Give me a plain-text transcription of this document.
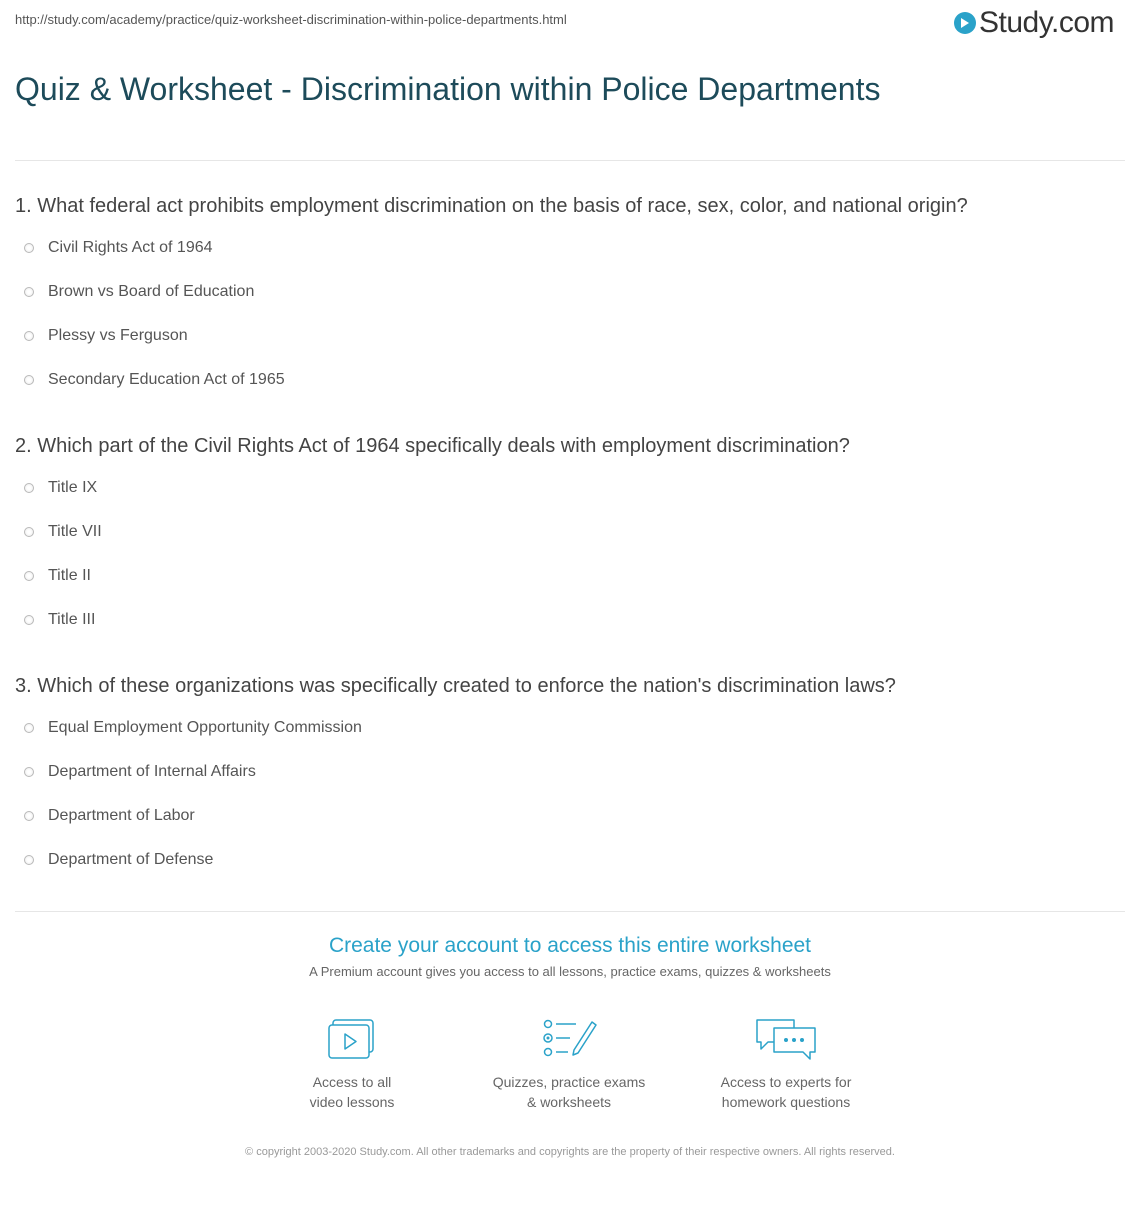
http://study.com/academy/practice/quiz-worksheet-discrimination-within-police-departments.html	Study.com
Quiz & Worksheet - Discrimination within Police Departments
1. What federal act prohibits employment discrimination on the basis of race, sex, color, and national origin?
Civil Rights Act of 1964
Brown vs Board of Education
Plessy vs Ferguson
Secondary Education Act of 1965
2. Which part of the Civil Rights Act of 1964 specifically deals with employment discrimination?
Title IX
Title VII
Title II
Title III
3. Which of these organizations was specifically created to enforce the nation's discrimination laws?
Equal Employment Opportunity Commission
Department of Internal Affairs
Department of Labor
Department of Defense
Create your account to access this entire worksheet
A Premium account gives you access to all lessons, practice exams, quizzes & worksheets
Access to all
video lessons
Quizzes, practice exams
& worksheets
Access to experts for
homework questions
© copyright 2003-2020 Study.com. All other trademarks and copyrights are the property of their respective owners. All rights reserved.
